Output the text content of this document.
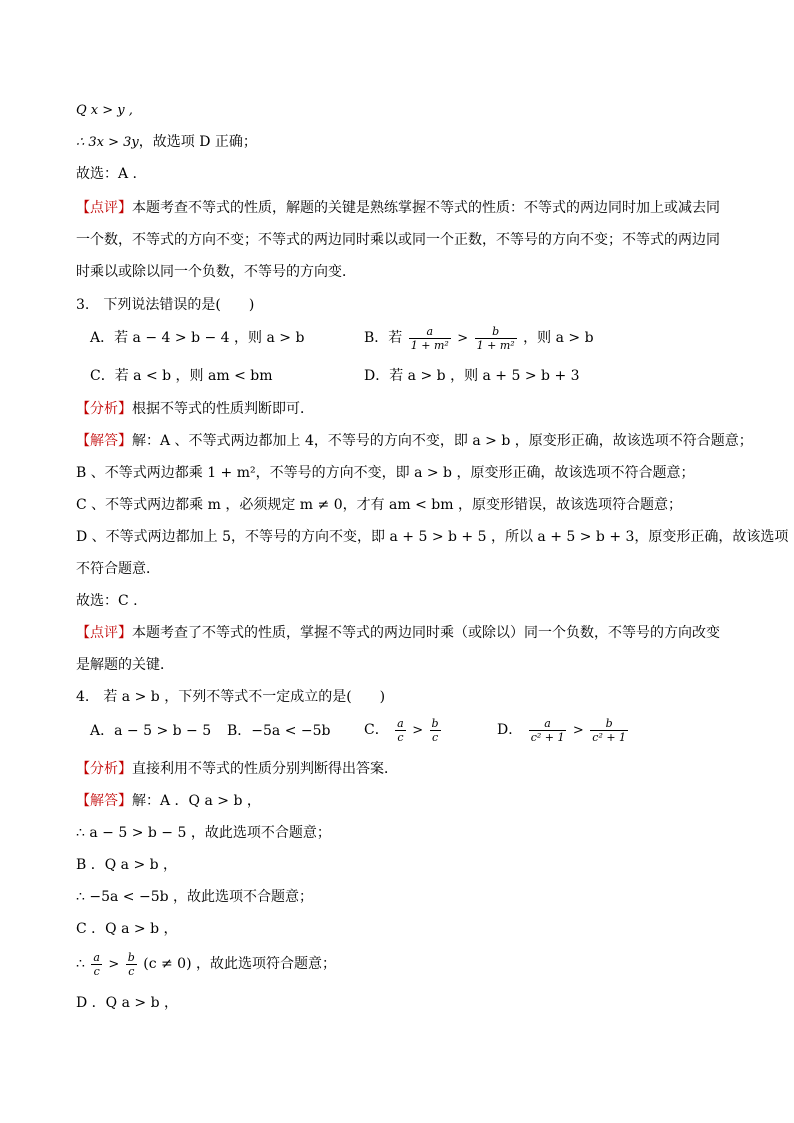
Q x > y ,
∴ 3x > 3y，故选项 D 正确；
故选：A .
【点评】本题考查不等式的性质，解题的关键是熟练掌握不等式的性质：不等式的两边同时加上或减去同
一个数，不等式的方向不变；不等式的两边同时乘以或同一个正数，不等号的方向不变；不等式的两边同
时乘以或除以同一个负数，不等号的方向变．
3.　下列说法错误的是(　　)
A．若 a − 4 > b − 4 ，则 a > b	B．若 $\frac{a}{\text{1 + m²}} > \frac{b}{\text{1 + m²}}$ ，则 a > b
C．若 a < b ，则 am < bm	D．若 a > b ，则 a + 5 > b + 3
【分析】根据不等式的性质判断即可．
【解答】解：A 、不等式两边都加上 4，不等号的方向不变，即 a > b ，原变形正确，故该选项不符合题意；
B 、不等式两边都乘 1 + m²，不等号的方向不变，即 a > b ，原变形正确，故该选项不符合题意；
C 、不等式两边都乘 m ，必须规定 m ≠ 0，才有 am < bm ，原变形错误，故该选项符合题意；
D 、不等式两边都加上 5，不等号的方向不变，即 a + 5 > b + 5 ，所以 a + 5 > b + 3，原变形正确，故该选项
不符合题意．
故选：C .
【点评】本题考查了不等式的性质，掌握不等式的两边同时乘（或除以）同一个负数，不等号的方向改变
是解题的关键．
4.　若 a > b ，下列不等式不一定成立的是(　　)
A．a − 5 > b − 5 B．−5a < −5b C． $\frac{a}{c} > \frac{b}{c}$	D． $\frac{a}{\text{c² + 1}} > \frac{b}{\text{c² + 1}}$
【分析】直接利用不等式的性质分别判断得出答案．
【解答】解：A ．Q a > b ，
∴ a − 5 > b − 5 ，故此选项不合题意；
B ．Q a > b ，
∴ −5a < −5b ，故此选项不合题意；
C ．Q a > b ，
∴ $\frac{a}{c} > \frac{b}{c} (c \ne 0)$ ，故此选项符合题意；
D ．Q a > b ，
